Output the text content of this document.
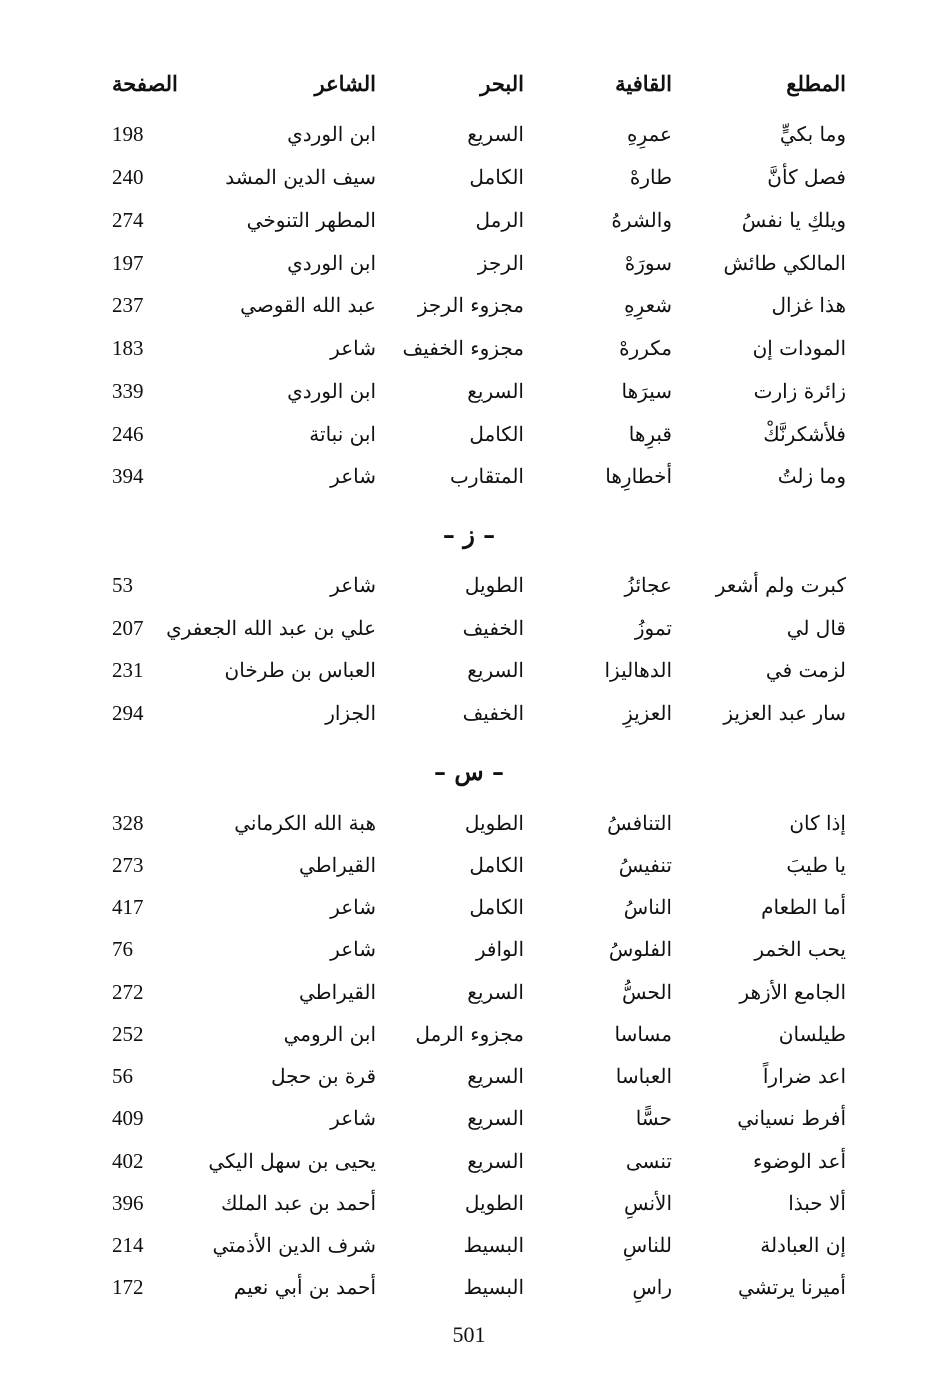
المطلع
القافية
البحر
الشاعر
الصفحة
وما بكيٍّ
عمرِهِ
السريع
ابن الوردي
198
فصل كأنَّ
طارهْ
الكامل
سيف الدين المشد
240
ويلكِ يا نفسُ
والشرهُ
الرمل
المطهر التنوخي
274
المالكي طائش
سورَهْ
الرجز
ابن الوردي
197
هذا غزال
شعرِهِ
مجزوء الرجز
عبد الله القوصي
237
المودات إن
مكررهْ
مجزوء الخفيف
شاعر
183
زائرة زارت
سيرَها
السريع
ابن الوردي
339
فلأشكرنَّكْ
قبرِها
الكامل
ابن نباتة
246
وما زلتُ
أخطارِها
المتقارب
شاعر
394
– ز –
كبرت ولم أشعر
عجائزُ
الطويل
شاعر
53
قال لي
تموزُ
الخفيف
علي بن عبد الله الجعفري
207
لزمت في
الدهاليزا
السريع
العباس بن طرخان
231
سار عبد العزيز
العزيزِ
الخفيف
الجزار
294
– س –
إذا كان
التنافسُ
الطويل
هبة الله الكرماني
328
يا طيبَ
تنفيسُ
الكامل
القيراطي
273
أما الطعام
الناسُ
الكامل
شاعر
417
يحب الخمر
الفلوسُ
الوافر
شاعر
76
الجامع الأزهر
الحسُّ
السريع
القيراطي
272
طيلسان
مساسا
مجزوء الرمل
ابن الرومي
252
اعد ضراراً
العباسا
السريع
قرة بن حجل
56
أفرط نسياني
حسًّا
السريع
شاعر
409
أعد الوضوء
تنسى
السريع
يحيى بن سهل اليكي
402
ألا حبذا
الأنسِ
الطويل
أحمد بن عبد الملك
396
إن العبادلة
للناسِ
البسيط
شرف الدين الأذمتي
214
أميرنا يرتشي
راسِ
البسيط
أحمد بن أبي نعيم
172
501
